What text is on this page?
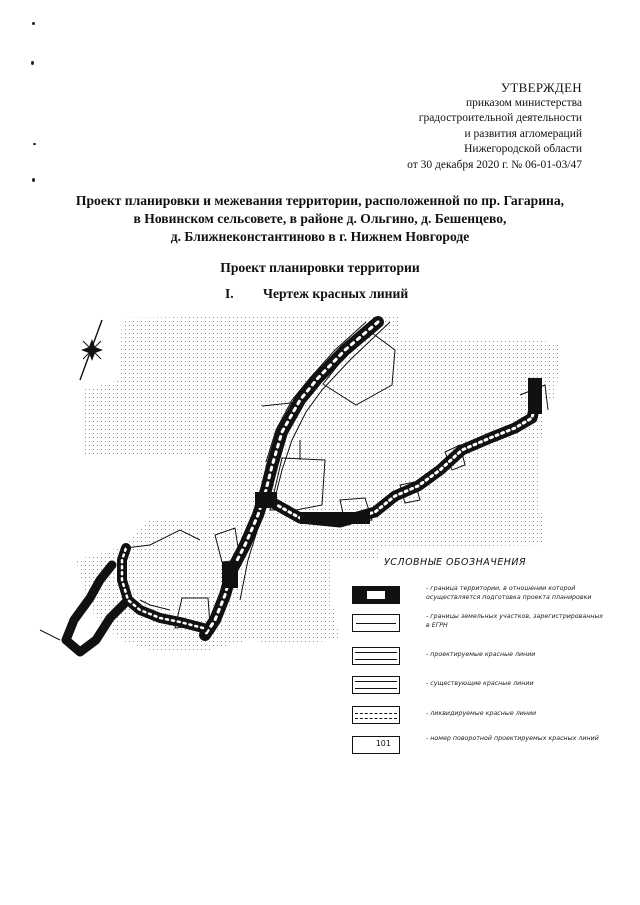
УТВЕРЖДЕН
приказом министерства
градостроительной деятельности
и развития агломераций
Нижегородской области
от 30 декабря 2020 г. № 06-01-03/47
Проект планировки и межевания территории, расположенной по пр. Гагарина,
в Новинском сельсовете, в районе д. Ольгино, д. Бешенцево,
д. Ближнеконстантиново в г. Нижнем Новгороде
Проект планировки территории
I. Чертеж красных линий
УСЛОВНЫЕ ОБОЗНАЧЕНИЯ
- граница территории, в отношении которой осуществляется подготовка проекта планировки
- границы земельных участков, зарегистрированных в ЕГРН
- проектируемые красные линии
- существующие красные линии
- ликвидируемые красные линии
101
- номер поворотной проектируемых красных линий
